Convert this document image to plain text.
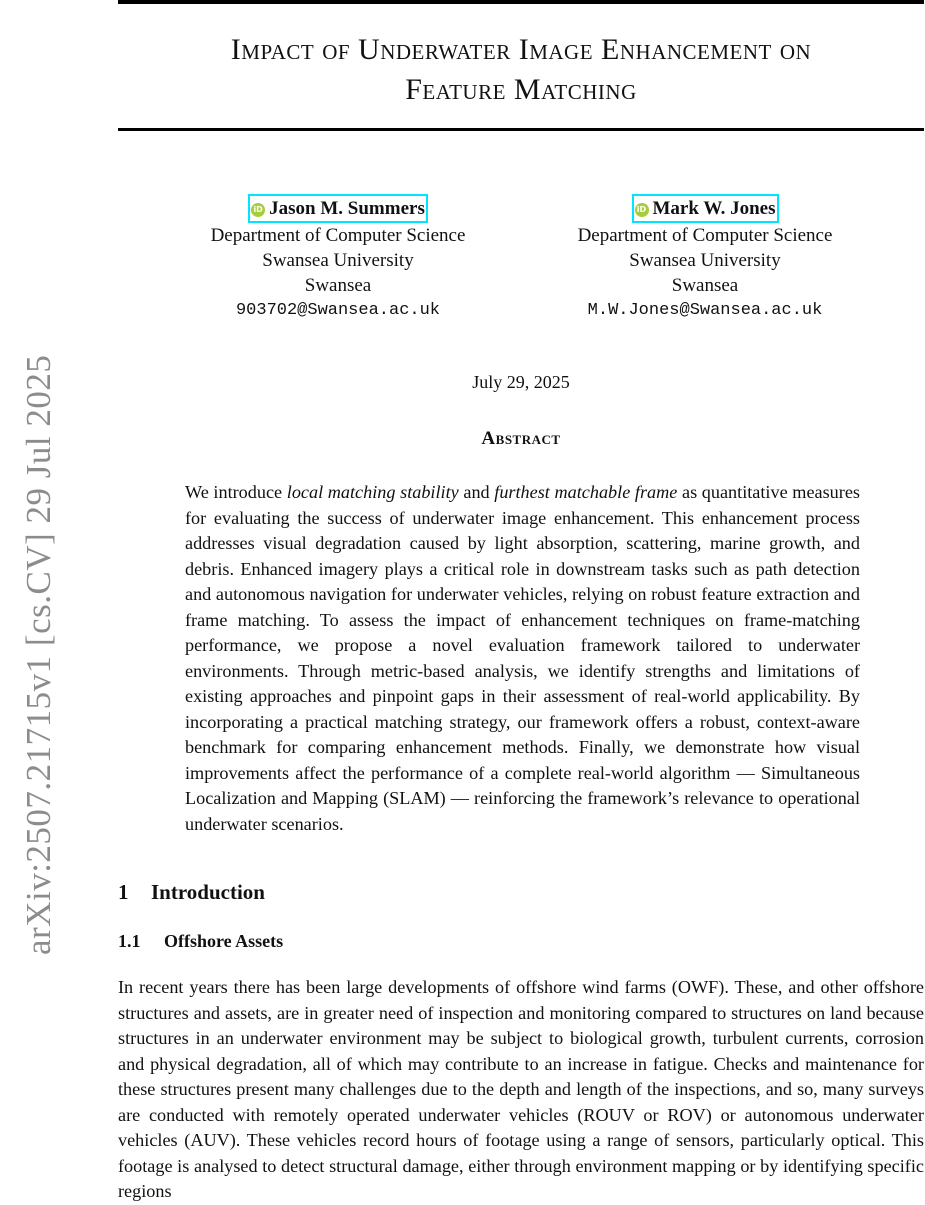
Impact of Underwater Image Enhancement on
Feature Matching
arXiv:2507.21715v1 [cs.CV] 29 Jul 2025
iD Jason M. Summers
Department of Computer Science
Swansea University
Swansea
903702@Swansea.ac.uk
iD Mark W. Jones
Department of Computer Science
Swansea University
Swansea
M.W.Jones@Swansea.ac.uk
July 29, 2025
Abstract
We introduce local matching stability and furthest matchable frame as quantitative measures for evaluating the success of underwater image enhancement. This enhancement process addresses visual degradation caused by light absorption, scattering, marine growth, and debris. Enhanced imagery plays a critical role in downstream tasks such as path detection and autonomous navigation for underwater vehicles, relying on robust feature extraction and frame matching. To assess the impact of enhancement techniques on frame-matching performance, we propose a novel evaluation framework tailored to underwater environments. Through metric-based analysis, we identify strengths and limitations of existing approaches and pinpoint gaps in their assessment of real-world applicability. By incorporating a practical matching strategy, our framework offers a robust, context-aware benchmark for comparing enhancement methods. Finally, we demonstrate how visual improvements affect the performance of a complete real-world algorithm — Simultaneous Localization and Mapping (SLAM) — reinforcing the framework’s relevance to operational underwater scenarios.
1 Introduction
1.1 Offshore Assets
In recent years there has been large developments of offshore wind farms (OWF). These, and other offshore structures and assets, are in greater need of inspection and monitoring compared to structures on land because structures in an underwater environment may be subject to biological growth, turbulent currents, corrosion and physical degradation, all of which may contribute to an increase in fatigue. Checks and maintenance for these structures present many challenges due to the depth and length of the inspections, and so, many surveys are conducted with remotely operated underwater vehicles (ROUV or ROV) or autonomous underwater vehicles (AUV). These vehicles record hours of footage using a range of sensors, particularly optical. This footage is analysed to detect structural damage, either through environment mapping or by identifying specific regions
